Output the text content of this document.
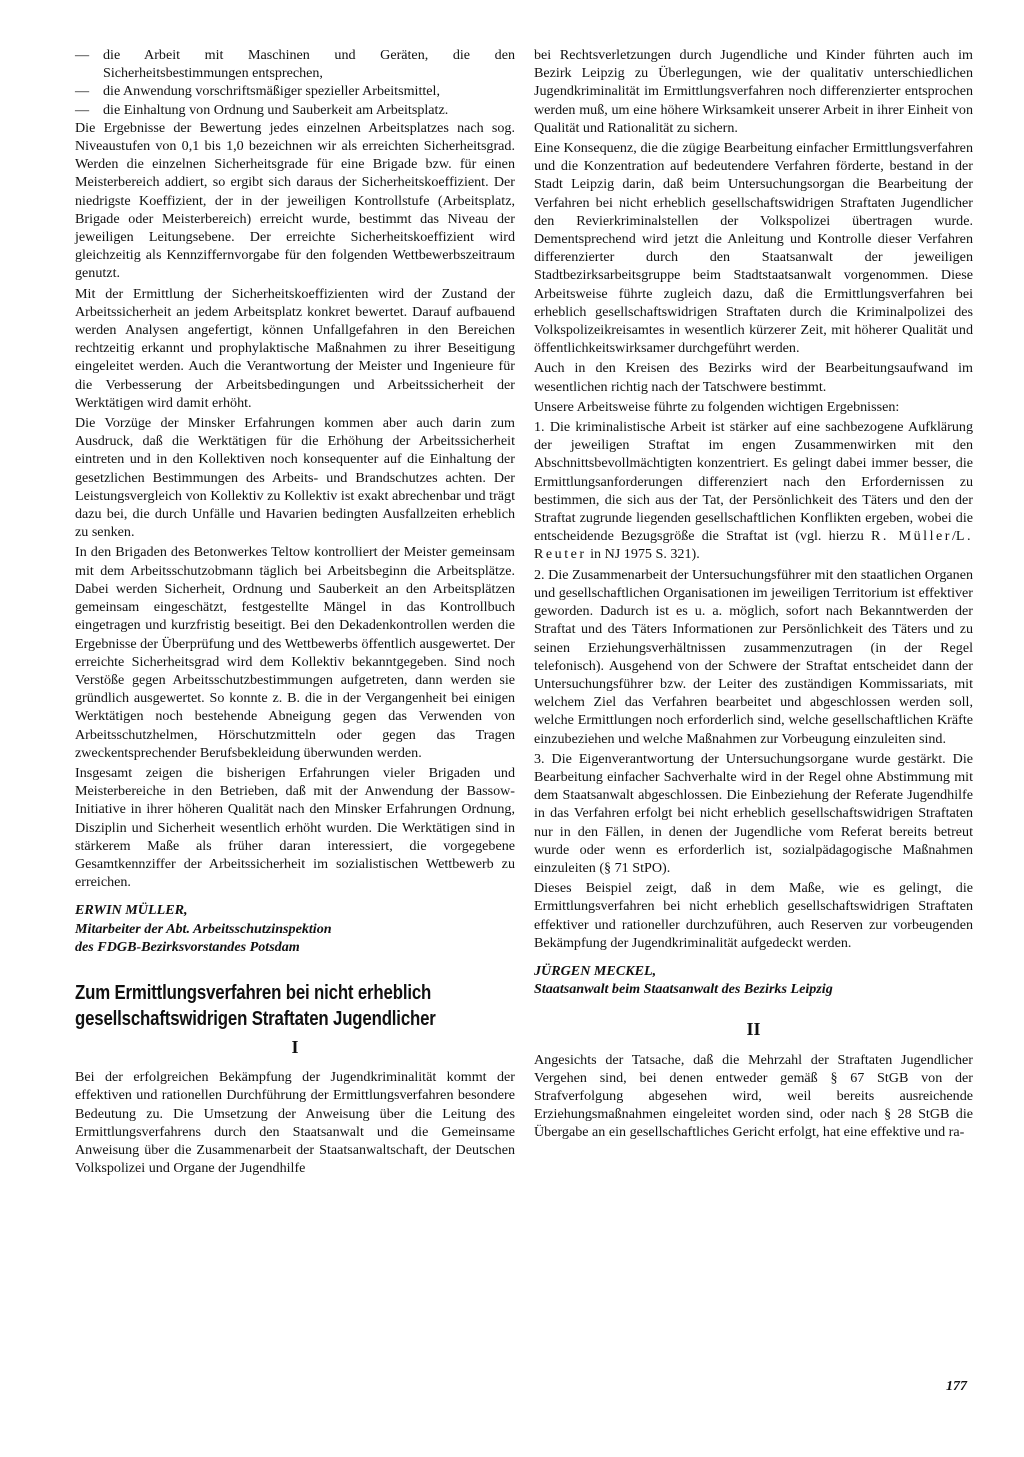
— die Arbeit mit Maschinen und Geräten, die den Sicherheitsbestimmungen entsprechen,

— die Anwendung vorschriftsmäßiger spezieller Arbeitsmittel,

— die Einhaltung von Ordnung und Sauberkeit am Arbeitsplatz.

Die Ergebnisse der Bewertung jedes einzelnen Arbeitsplatzes nach sog. Niveaustufen von 0,1 bis 1,0 bezeichnen wir als erreichten Sicherheitsgrad. Werden die einzelnen Sicherheitsgrade für eine Brigade bzw. für einen Meisterbereich addiert, so ergibt sich daraus der Sicherheitskoeffizient. Der niedrigste Koeffizient, der in der jeweiligen Kontrollstufe (Arbeitsplatz, Brigade oder Meisterbereich) erreicht wurde, bestimmt das Niveau der jeweiligen Leitungsebene. Der erreichte Sicherheitskoeffizient wird gleichzeitig als Kennziffernvorgabe für den folgenden Wettbewerbszeitraum genutzt.

Mit der Ermittlung der Sicherheitskoeffizienten wird der Zustand der Arbeitssicherheit an jedem Arbeitsplatz konkret bewertet. Darauf aufbauend werden Analysen angefertigt, können Unfallgefahren in den Bereichen rechtzeitig erkannt und prophylaktische Maßnahmen zu ihrer Beseitigung eingeleitet werden. Auch die Verantwortung der Meister und Ingenieure für die Verbesserung der Arbeitsbedingungen und Arbeitssicherheit der Werktätigen wird damit erhöht.

Die Vorzüge der Minsker Erfahrungen kommen aber auch darin zum Ausdruck, daß die Werktätigen für die Erhöhung der Arbeitssicherheit eintreten und in den Kollektiven noch konsequenter auf die Einhaltung der gesetzlichen Bestimmungen des Arbeits- und Brandschutzes achten. Der Leistungsvergleich von Kollektiv zu Kollektiv ist exakt abrechenbar und trägt dazu bei, die durch Unfälle und Havarien bedingten Ausfallzeiten erheblich zu senken.

In den Brigaden des Betonwerkes Teltow kontrolliert der Meister gemeinsam mit dem Arbeitsschutzobmann täglich bei Arbeitsbeginn die Arbeitsplätze. Dabei werden Sicherheit, Ordnung und Sauberkeit an den Arbeitsplätzen gemeinsam eingeschätzt, festgestellte Mängel in das Kontrollbuch eingetragen und kurzfristig beseitigt. Bei den Dekadenkontrollen werden die Ergebnisse der Überprüfung und des Wettbewerbs öffentlich ausgewertet. Der erreichte Sicherheitsgrad wird dem Kollektiv bekanntgegeben. Sind noch Verstöße gegen Arbeitsschutzbestimmungen aufgetreten, dann werden sie gründlich ausgewertet. So konnte z. B. die in der Vergangenheit bei einigen Werktätigen noch bestehende Abneigung gegen das Verwenden von Arbeitsschutzhelmen, Hörschutzmitteln oder gegen das Tragen zweckentsprechender Berufsbekleidung überwunden werden.

Insgesamt zeigen die bisherigen Erfahrungen vieler Brigaden und Meisterbereiche in den Betrieben, daß mit der Anwendung der Bassow-Initiative in ihrer höheren Qualität nach den Minsker Erfahrungen Ordnung, Disziplin und Sicherheit wesentlich erhöht wurden. Die Werktätigen sind in stärkerem Maße als früher daran interessiert, die vorgegebene Gesamtkennziffer der Arbeitssicherheit im sozialistischen Wettbewerb zu erreichen.

ERWIN MÜLLER,

Mitarbeiter der Abt. Arbeitsschutzinspektion

des FDGB-Bezirksvorstandes Potsdam

Zum Ermittlungsverfahren bei nicht erheblich gesellschaftswidrigen Straftaten Jugendlicher
I

Bei der erfolgreichen Bekämpfung der Jugendkriminalität kommt der effektiven und rationellen Durchführung der Ermittlungsverfahren besondere Bedeutung zu. Die Umsetzung der Anweisung über die Leitung des Ermittlungsverfahrens durch den Staatsanwalt und die Gemeinsame Anweisung über die Zusammenarbeit der Staatsanwaltschaft, der Deutschen Volkspolizei und Organe der Jugendhilfe

bei Rechtsverletzungen durch Jugendliche und Kinder führten auch im Bezirk Leipzig zu Überlegungen, wie der qualitativ unterschiedlichen Jugendkriminalität im Ermittlungsverfahren noch differenzierter entsprochen werden muß, um eine höhere Wirksamkeit unserer Arbeit in ihrer Einheit von Qualität und Rationalität zu sichern.

Eine Konsequenz, die die zügige Bearbeitung einfacher Ermittlungsverfahren und die Konzentration auf bedeutendere Verfahren förderte, bestand in der Stadt Leipzig darin, daß beim Untersuchungsorgan die Bearbeitung der Verfahren bei nicht erheblich gesellschaftswidrigen Straftaten Jugendlicher den Revierkriminalstellen der Volkspolizei übertragen wurde. Dementsprechend wird jetzt die Anleitung und Kontrolle dieser Verfahren differenzierter durch den Staatsanwalt der jeweiligen Stadtbezirksarbeitsgruppe beim Stadtstaatsanwalt vorgenommen. Diese Arbeitsweise führte zugleich dazu, daß die Ermittlungsverfahren bei erheblich gesellschaftswidrigen Straftaten durch die Kriminalpolizei des Volkspolizeikreisamtes in wesentlich kürzerer Zeit, mit höherer Qualität und öffentlichkeitswirksamer durchgeführt werden.

Auch in den Kreisen des Bezirks wird der Bearbeitungsaufwand im wesentlichen richtig nach der Tatschwere bestimmt.

Unsere Arbeitsweise führte zu folgenden wichtigen Ergebnissen:

1. Die kriminalistische Arbeit ist stärker auf eine sachbezogene Aufklärung der jeweiligen Straftat im engen Zusammenwirken mit den Abschnittsbevollmächtigten konzentriert. Es gelingt dabei immer besser, die Ermittlungsanforderungen differenziert nach den Erfordernissen zu bestimmen, die sich aus der Tat, der Persönlichkeit des Täters und den der Straftat zugrunde liegenden gesellschaftlichen Konflikten ergeben, wobei die entscheidende Bezugsgröße die Straftat ist (vgl. hierzu R. Müller/L. Reuter in NJ 1975 S. 321).

2. Die Zusammenarbeit der Untersuchungsführer mit den staatlichen Organen und gesellschaftlichen Organisationen im jeweiligen Territorium ist effektiver geworden. Dadurch ist es u. a. möglich, sofort nach Bekanntwerden der Straftat und des Täters Informationen zur Persönlichkeit des Täters und zu seinen Erziehungsverhältnissen zusammenzutragen (in der Regel telefonisch). Ausgehend von der Schwere der Straftat entscheidet dann der Untersuchungsführer bzw. der Leiter des zuständigen Kommissariats, mit welchem Ziel das Verfahren bearbeitet und abgeschlossen werden soll, welche Ermittlungen noch erforderlich sind, welche gesellschaftlichen Kräfte einzubeziehen und welche Maßnahmen zur Vorbeugung einzuleiten sind.

3. Die Eigenverantwortung der Untersuchungsorgane wurde gestärkt. Die Bearbeitung einfacher Sachverhalte wird in der Regel ohne Abstimmung mit dem Staatsanwalt abgeschlossen. Die Einbeziehung der Referate Jugendhilfe in das Verfahren erfolgt bei nicht erheblich gesellschaftswidrigen Straftaten nur in den Fällen, in denen der Jugendliche vom Referat bereits betreut wurde oder wenn es erforderlich ist, sozialpädagogische Maßnahmen einzuleiten (§ 71 StPO).

Dieses Beispiel zeigt, daß in dem Maße, wie es gelingt, die Ermittlungsverfahren bei nicht erheblich gesellschaftswidrigen Straftaten effektiver und rationeller durchzuführen, auch Reserven zur vorbeugenden Bekämpfung der Jugendkriminalität aufgedeckt werden.

JÜRGEN MECKEL,

Staatsanwalt beim Staatsanwalt des Bezirks Leipzig

II

Angesichts der Tatsache, daß die Mehrzahl der Straftaten Jugendlicher Vergehen sind, bei denen entweder gemäß § 67 StGB von der Strafverfolgung abgesehen wird, weil bereits ausreichende Erziehungsmaßnahmen eingeleitet worden sind, oder nach § 28 StGB die Übergabe an ein gesellschaftliches Gericht erfolgt, hat eine effektive und ra-

177
